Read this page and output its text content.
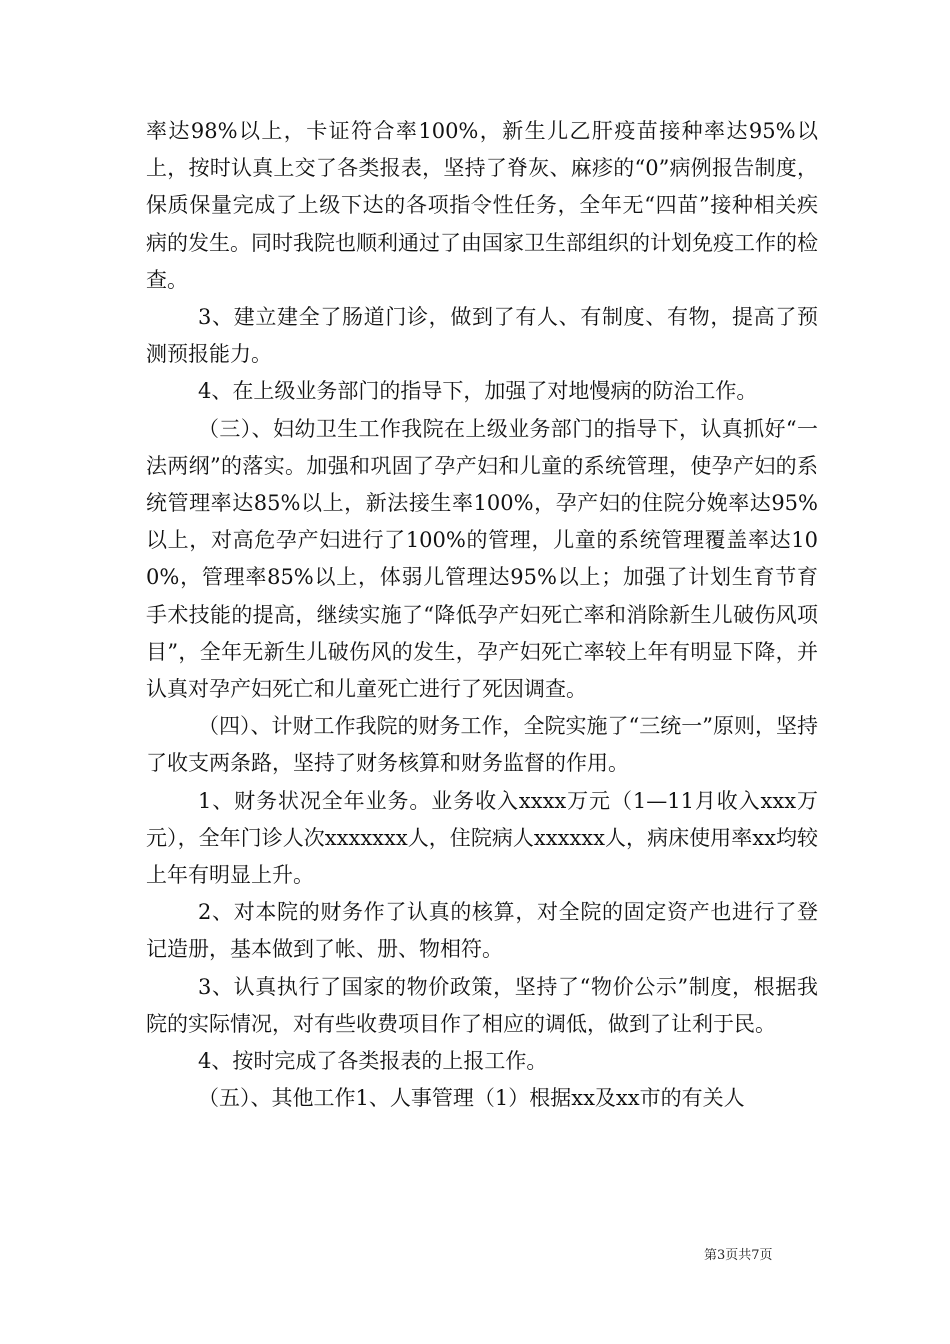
率达98%以上，卡证符合率100%，新生儿乙肝疫苗接种率达95%以上，按时认真上交了各类报表，坚持了脊灰、麻疹的“0”病例报告制度，保质保量完成了上级下达的各项指令性任务，全年无“四苗”接种相关疾病的发生。同时我院也顺利通过了由国家卫生部组织的计划免疫工作的检查。

3、建立建全了肠道门诊，做到了有人、有制度、有物，提高了预测预报能力。

4、在上级业务部门的指导下，加强了对地慢病的防治工作。

（三）、妇幼卫生工作我院在上级业务部门的指导下，认真抓好“一法两纲”的落实。加强和巩固了孕产妇和儿童的系统管理，使孕产妇的系统管理率达85%以上，新法接生率100%，孕产妇的住院分娩率达95%以上，对高危孕产妇进行了100%的管理，儿童的系统管理覆盖率达100%，管理率85%以上，体弱儿管理达95%以上；加强了计划生育节育手术技能的提高，继续实施了“降低孕产妇死亡率和消除新生儿破伤风项目”，全年无新生儿破伤风的发生，孕产妇死亡率较上年有明显下降，并认真对孕产妇死亡和儿童死亡进行了死因调查。

（四）、计财工作我院的财务工作，全院实施了“三统一”原则，坚持了收支两条路，坚持了财务核算和财务监督的作用。

1、财务状况全年业务。业务收入xxxx万元（1—11月收入xxx万元），全年门诊人次xxxxxxx人，住院病人xxxxxx人，病床使用率xx均较上年有明显上升。

2、对本院的财务作了认真的核算，对全院的固定资产也进行了登记造册，基本做到了帐、册、物相符。

3、认真执行了国家的物价政策，坚持了“物价公示”制度，根据我院的实际情况，对有些收费项目作了相应的调低，做到了让利于民。

4、按时完成了各类报表的上报工作。

（五）、其他工作1、人事管理（1）根据xx及xx市的有关人

第3页共7页
